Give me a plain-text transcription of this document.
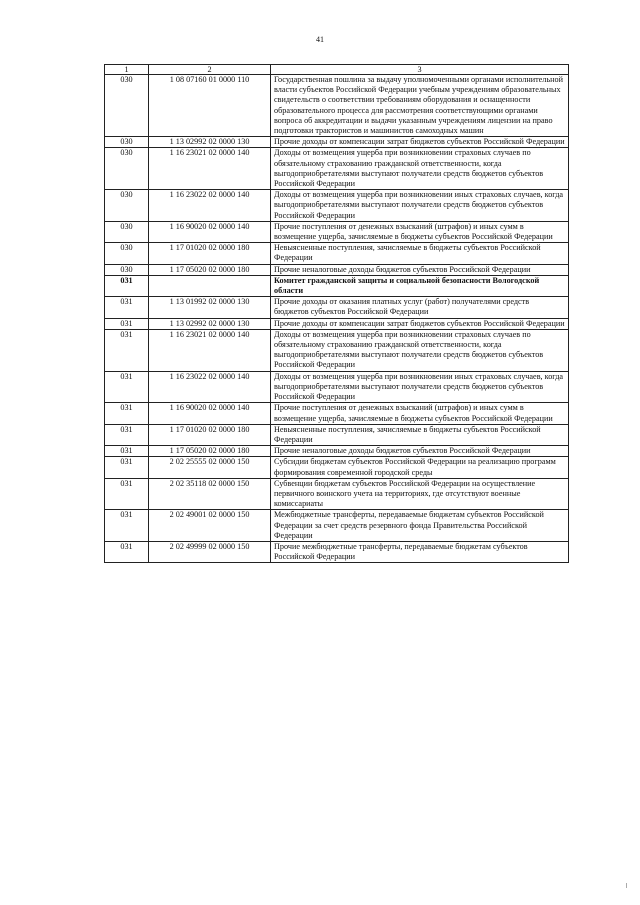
41
1	2	3
030	1 08 07160 01 0000 110	Государственная пошлина за выдачу уполномоченными органами исполнительной власти субъектов Российской Федерации учебным учреждениям образовательных свидетельств о соответствии требованиям оборудования и оснащенности образовательного процесса для рассмотрения соответствующими органами вопроса об аккредитации и выдачи указанным учреждениям лицензии на право подготовки трактористов и машинистов самоходных машин
030	1 13 02992 02 0000 130	Прочие доходы от компенсации затрат бюджетов субъектов Российской Федерации
030	1 16 23021 02 0000 140	Доходы от возмещения ущерба при возникновении страховых случаев по обязательному страхованию гражданской ответственности, когда выгодоприобретателями выступают получатели средств бюджетов субъектов Российской Федерации
030	1 16 23022 02 0000 140	Доходы от возмещения ущерба при возникновении иных страховых случаев, когда выгодоприобретателями выступают получатели средств бюджетов субъектов Российской Федерации
030	1 16 90020 02 0000 140	Прочие поступления от денежных взысканий (штрафов) и иных сумм в возмещение ущерба, зачисляемые в бюджеты субъектов Российской Федерации
030	1 17 01020 02 0000 180	Невыясненные поступления, зачисляемые в бюджеты субъектов Российской Федерации
030	1 17 05020 02 0000 180	Прочие неналоговые доходы бюджетов субъектов Российской Федерации
031		Комитет гражданской защиты и социальной безопасности Вологодской области
031	1 13 01992 02 0000 130	Прочие доходы от оказания платных услуг (работ) получателями средств бюджетов субъектов Российской Федерации
031	1 13 02992 02 0000 130	Прочие доходы от компенсации затрат бюджетов субъектов Российской Федерации
031	1 16 23021 02 0000 140	Доходы от возмещения ущерба при возникновении страховых случаев по обязательному страхованию гражданской ответственности, когда выгодоприобретателями выступают получатели средств бюджетов субъектов Российской Федерации
031	1 16 23022 02 0000 140	Доходы от возмещения ущерба при возникновении иных страховых случаев, когда выгодоприобретателями выступают получатели средств бюджетов субъектов Российской Федерации
031	1 16 90020 02 0000 140	Прочие поступления от денежных взысканий (штрафов) и иных сумм в возмещение ущерба, зачисляемые в бюджеты субъектов Российской Федерации
031	1 17 01020 02 0000 180	Невыясненные поступления, зачисляемые в бюджеты субъектов Российской Федерации
031	1 17 05020 02 0000 180	Прочие неналоговые доходы бюджетов субъектов Российской Федерации
031	2 02 25555 02 0000 150	Субсидии бюджетам субъектов Российской Федерации на реализацию программ формирования современной городской среды
031	2 02 35118 02 0000 150	Субвенции бюджетам субъектов Российской Федерации на осуществление первичного воинского учета на территориях, где отсутствуют военные комиссариаты
031	2 02 49001 02 0000 150	Межбюджетные трансферты, передаваемые бюджетам субъектов Российской Федерации за счет средств резервного фонда Правительства Российской Федерации
031	2 02 49999 02 0000 150	Прочие межбюджетные трансферты, передаваемые бюджетам субъектов Российской Федерации
